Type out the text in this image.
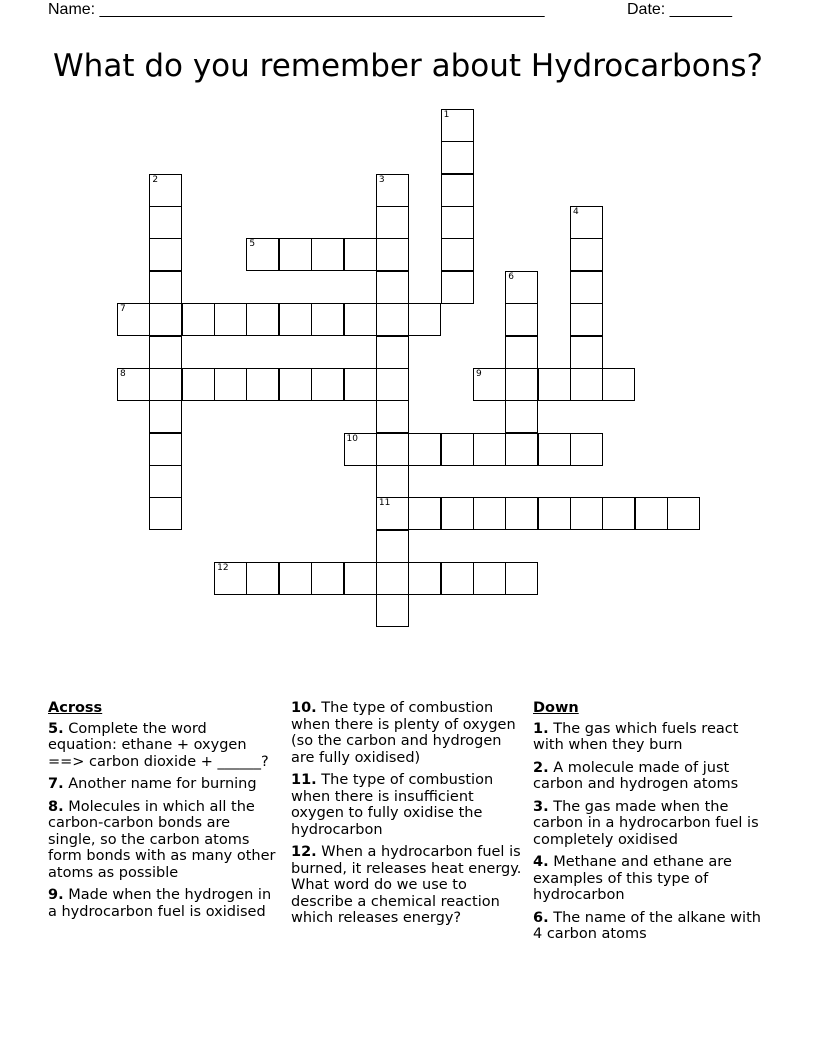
Name: __________________________________________________	Date: _______
What do you remember about Hydrocarbons?
1
2	3
11
4
5
6
7
8	9
10
12
Across
5. Complete the word equation: ethane + oxygen ==> carbon dioxide + ______?
7. Another name for burning
8. Molecules in which all the carbon-carbon bonds are single, so the carbon atoms form bonds with as many other atoms as possible
9. Made when the hydrogen in a hydrocarbon fuel is oxidised
10. The type of combustion when there is plenty of oxygen (so the carbon and hydrogen are fully oxidised)
11. The type of combustion when there is insufficient oxygen to fully oxidise the hydrocarbon
12. When a hydrocarbon fuel is burned, it releases heat energy. What word do we use to describe a chemical reaction which releases energy?
Down
1. The gas which fuels react with when they burn
2. A molecule made of just carbon and hydrogen atoms
3. The gas made when the carbon in a hydrocarbon fuel is completely oxidised
4. Methane and ethane are examples of this type of hydrocarbon
6. The name of the alkane with 4 carbon atoms
